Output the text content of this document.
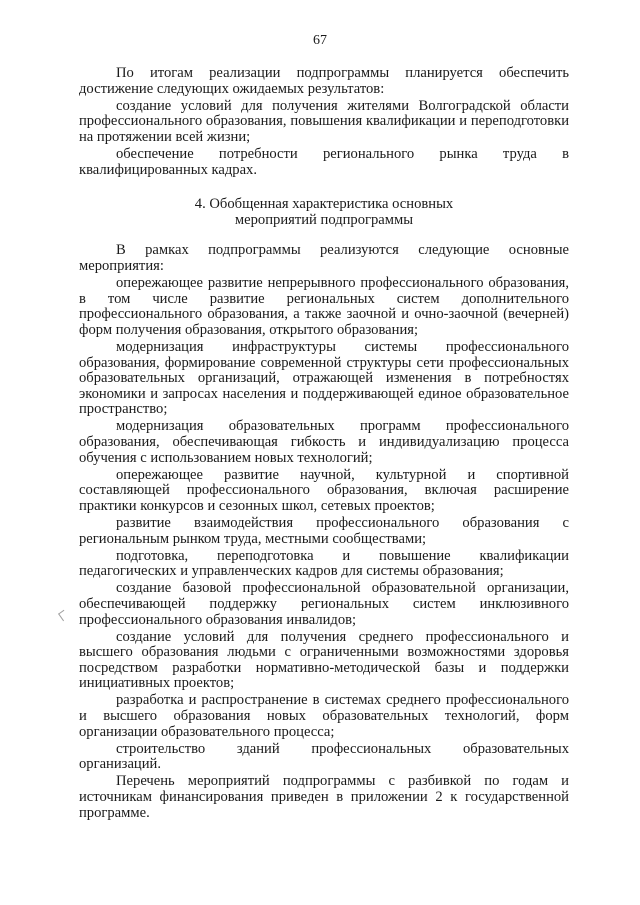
67

По итогам реализации подпрограммы планируется обеспечить достижение следующих ожидаемых результатов:

создание условий для получения жителями Волгоградской области профессионального образования, повышения квалификации и переподготовки на протяжении всей жизни;

обеспечение потребности регионального рынка труда в квалифицированных кадрах.

4. Обобщенная характеристика основных
мероприятий подпрограммы

В рамках подпрограммы реализуются следующие основные мероприятия:

опережающее развитие непрерывного профессионального образования, в том числе развитие региональных систем дополнительного профессионального образования, а также заочной и очно-заочной (вечерней) форм получения образования, открытого образования;

модернизация инфраструктуры системы профессионального образования, формирование современной структуры сети профессиональных образовательных организаций, отражающей изменения в потребностях экономики и запросах населения и поддерживающей единое образовательное пространство;

модернизация образовательных программ профессионального образования, обеспечивающая гибкость и индивидуализацию процесса обучения с использованием новых технологий;

опережающее развитие научной, культурной и спортивной составляющей профессионального образования, включая расширение практики конкурсов и сезонных школ, сетевых проектов;

развитие взаимодействия профессионального образования с региональным рынком труда, местными сообществами;

подготовка, переподготовка и повышение квалификации педагогических и управленческих кадров для системы образования;

создание базовой профессиональной образовательной организации, обеспечивающей поддержку региональных систем инклюзивного профессионального образования инвалидов;

создание условий для получения среднего профессионального и высшего образования людьми с ограниченными возможностями здоровья посредством разработки нормативно-методической базы и поддержки инициативных проектов;

разработка и распространение в системах среднего профессионального и высшего образования новых образовательных технологий, форм организации образовательного процесса;

строительство зданий профессиональных образовательных организаций.

Перечень мероприятий подпрограммы с разбивкой по годам и источникам финансирования приведен в приложении 2 к государственной программе.
